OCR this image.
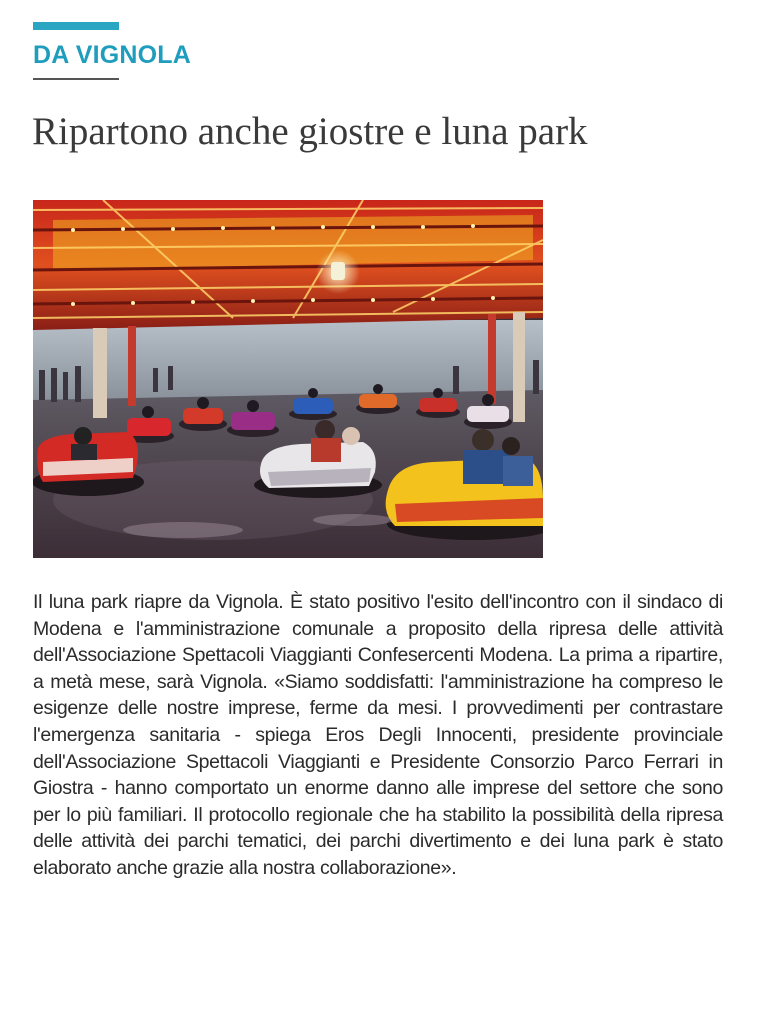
DA VIGNOLA
Ripartono anche giostre e luna park

Il luna park riapre da Vignola. È stato positivo l'esito dell'incontro con il sindaco di Modena e l'amministrazione comunale a proposito della ripresa delle attività dell'Associazione Spettacoli Viaggianti Confesercenti Modena. La prima a ripartire, a metà mese, sarà Vignola. «Siamo soddisfatti: l'amministrazione ha compreso le esigenze delle nostre imprese, ferme da mesi. I provvedimenti per contrastare l'emergenza sanitaria - spiega Eros Degli Innocenti, presidente provinciale dell'Associazione Spettacoli Viaggianti e Presidente Consorzio Parco Ferrari in Giostra - hanno comportato un enorme danno alle imprese del settore che sono per lo più familiari. Il protocollo regionale che ha stabilito la possibilità della ripresa delle attività dei parchi tematici, dei parchi divertimento e dei luna park è stato elaborato anche grazie alla nostra collaborazione».
